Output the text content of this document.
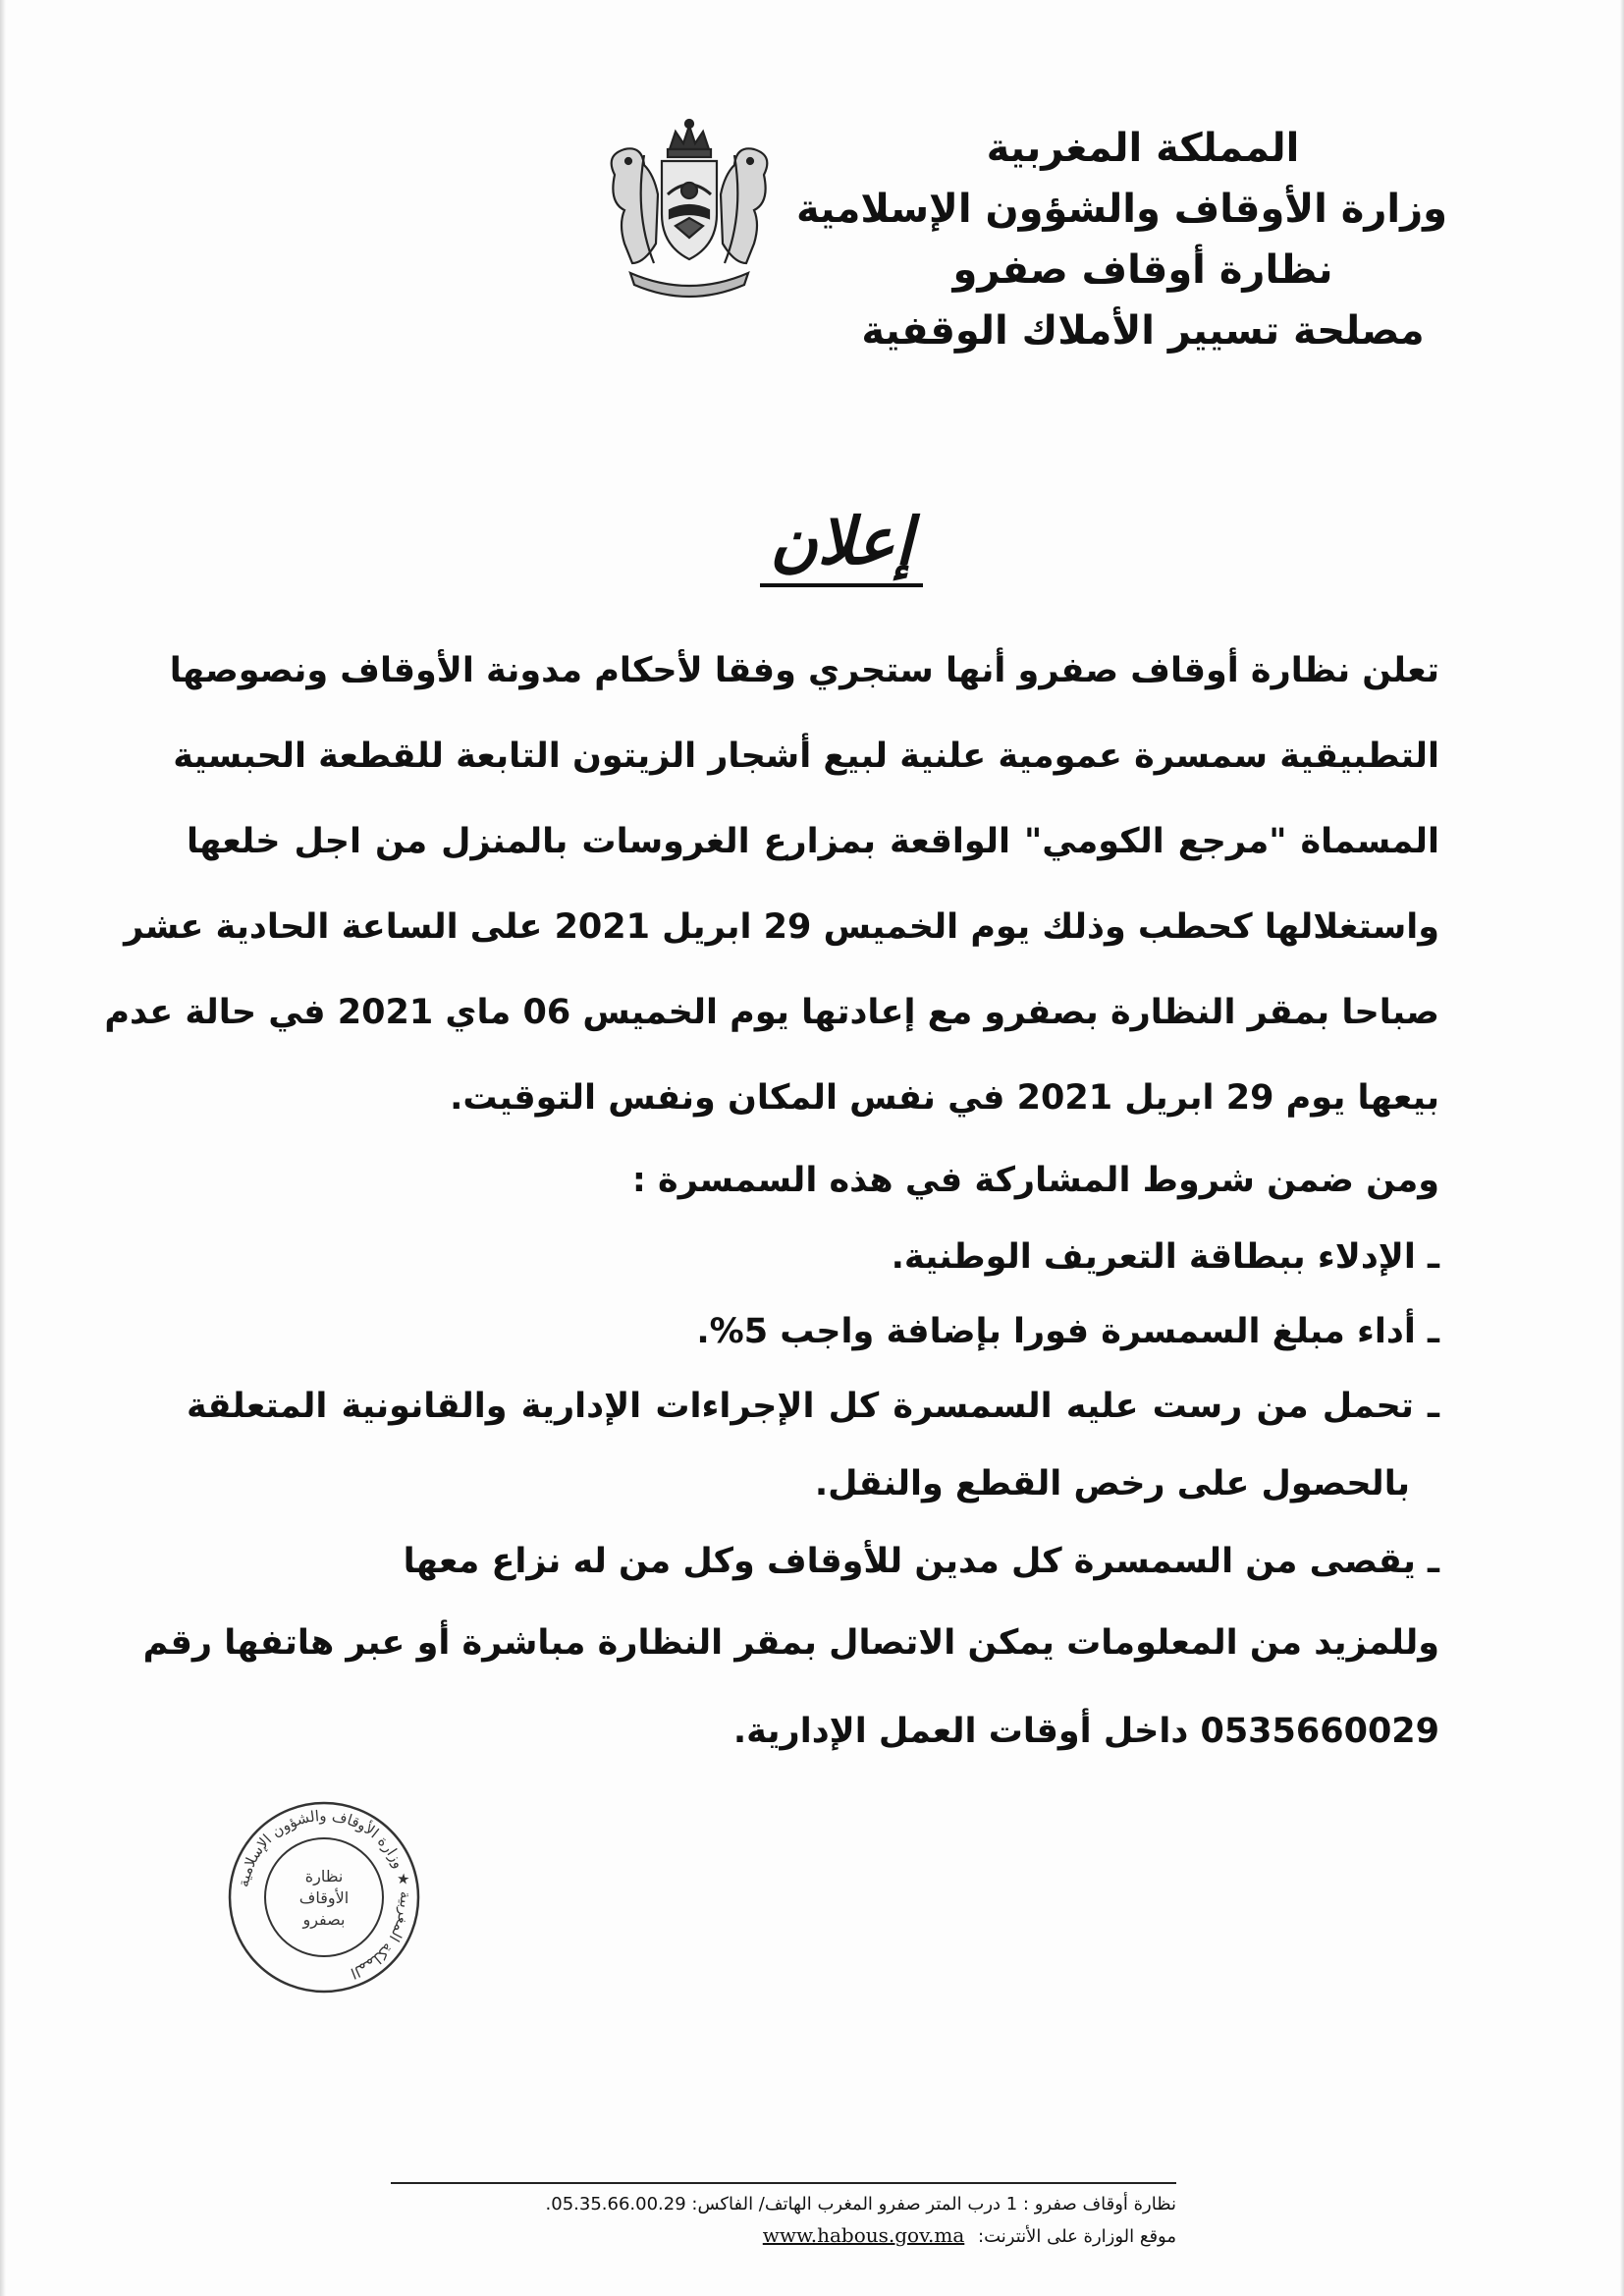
المملكة المغربية
وزارة الأوقاف والشؤون الإسلامية
نظارة أوقاف صفرو
مصلحة تسيير الأملاك الوقفية
إعلان
تعلن نظارة أوقاف صفرو أنها ستجري وفقا لأحكام مدونة الأوقاف ونصوصها
التطبيقية سمسرة عمومية علنية لبيع أشجار الزيتون التابعة للقطعة الحبسية
المسماة "مرجع الكومي" الواقعة بمزارع الغروسات بالمنزل من اجل خلعها
واستغلالها كحطب وذلك يوم الخميس 29 ابريل 2021 على الساعة الحادية عشر
صباحا بمقر النظارة بصفرو مع إعادتها يوم الخميس 06 ماي 2021 في حالة عدم
بيعها يوم 29 ابريل 2021 في نفس المكان ونفس التوقيت.
ومن ضمن شروط المشاركة في هذه السمسرة :
ـ الإدلاء ببطاقة التعريف الوطنية.
ـ أداء مبلغ السمسرة فورا بإضافة واجب 5%.
ـ تحمل من رست عليه السمسرة كل الإجراءات الإدارية والقانونية المتعلقة
بالحصول على رخص القطع والنقل.
ـ يقصى من السمسرة كل مدين للأوقاف وكل من له نزاع معها
وللمزيد من المعلومات يمكن الاتصال بمقر النظارة مباشرة أو عبر هاتفها رقم
0535660029 داخل أوقات العمل الإدارية.
المملكة المغربية ★ وزارة الأوقاف والشؤون الإسلامية
نظارة
الأوقاف
بصفرو
نظارة أوقاف صفرو : 1 درب المتر صفرو المغرب الهاتف/ الفاكس: 05.35.66.00.29.
موقع الوزارة على الأنترنت: www.habous.gov.ma
